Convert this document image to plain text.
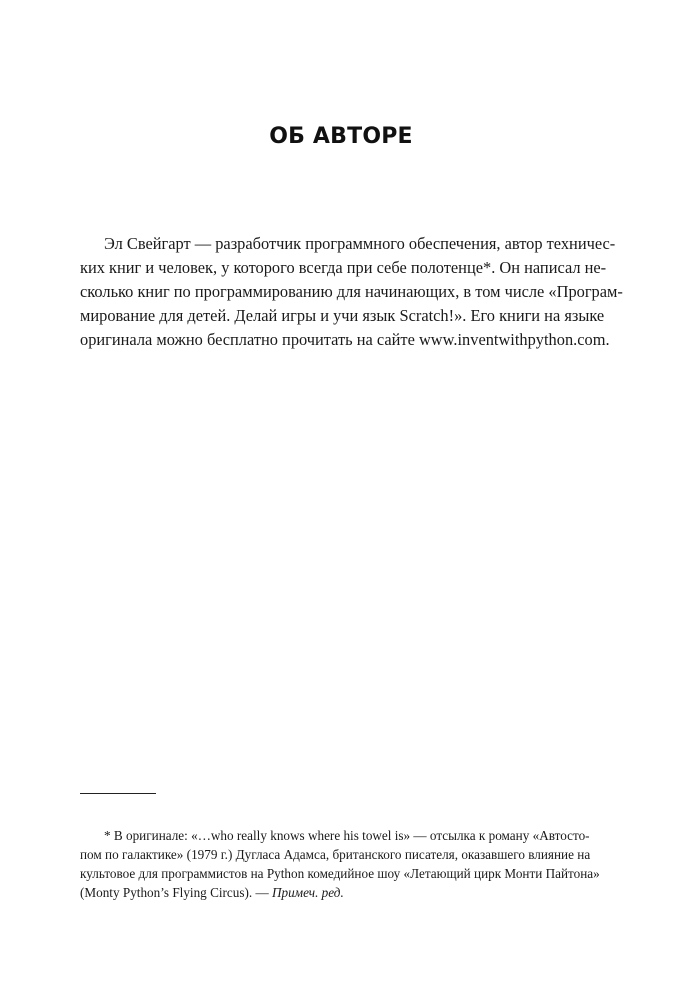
ОБ АВТОРЕ
Эл Свейгарт — разработчик программного обеспечения, автор техничес-
ких книг и человек, у которого всегда при себе полотенце*. Он написал не-
сколько книг по программированию для начинающих, в том числе «Програм-
мирование для детей. Делай игры и учи язык Scratch!». Его книги на языке
оригинала можно бесплатно прочитать на сайте www.inventwithpython.com.
* В оригинале: «…who really knows where his towel is» — отсылка к роману «Автосто-
пом по галактике» (1979 г.) Дугласа Адамса, британского писателя, оказавшего влияние на
культовое для программистов на Python комедийное шоу «Летающий цирк Монти Пайтона»
(Monty Python’s Flying Circus). — Примеч. ред.
